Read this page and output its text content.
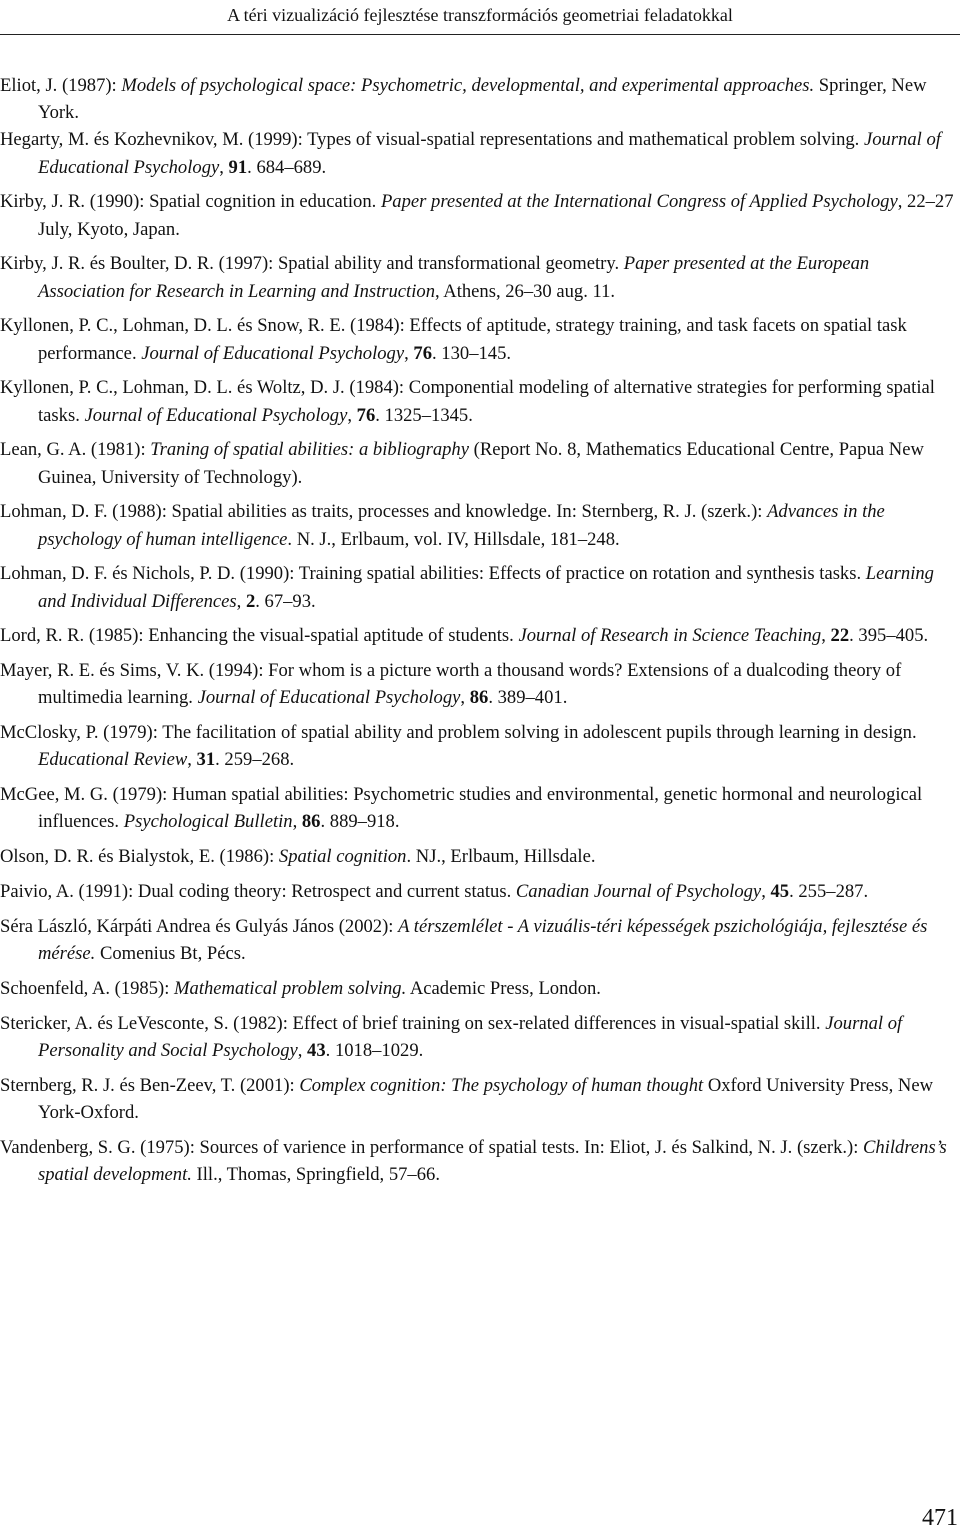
A téri vizualizáció fejlesztése transzformációs geometriai feladatokkal
Eliot, J. (1987): Models of psychological space: Psychometric, developmental, and experimental approaches. Springer, New York.
Hegarty, M. és Kozhevnikov, M. (1999): Types of visual-spatial representations and mathematical problem solving. Journal of Educational Psychology, 91. 684–689.
Kirby, J. R. (1990): Spatial cognition in education. Paper presented at the International Congress of Applied Psychology, 22–27 July, Kyoto, Japan.
Kirby, J. R. és Boulter, D. R. (1997): Spatial ability and transformational geometry. Paper presented at the European Association for Research in Learning and Instruction, Athens, 26–30 aug. 11.
Kyllonen, P. C., Lohman, D. L. és Snow, R. E. (1984): Effects of aptitude, strategy training, and task facets on spatial task performance. Journal of Educational Psychology, 76. 130–145.
Kyllonen, P. C., Lohman, D. L. és Woltz, D. J. (1984): Componential modeling of alternative strategies for performing spatial tasks. Journal of Educational Psychology, 76. 1325–1345.
Lean, G. A. (1981): Traning of spatial abilities: a bibliography (Report No. 8, Mathematics Educational Centre, Papua New Guinea, University of Technology).
Lohman, D. F. (1988): Spatial abilities as traits, processes and knowledge. In: Sternberg, R. J. (szerk.): Advances in the psychology of human intelligence. N. J., Erlbaum, vol. IV, Hillsdale, 181–248.
Lohman, D. F. és Nichols, P. D. (1990): Training spatial abilities: Effects of practice on rotation and synthesis tasks. Learning and Individual Differences, 2. 67–93.
Lord, R. R. (1985): Enhancing the visual-spatial aptitude of students. Journal of Research in Science Teaching, 22. 395–405.
Mayer, R. E. és Sims, V. K. (1994): For whom is a picture worth a thousand words? Extensions of a dualcoding theory of multimedia learning. Journal of Educational Psychology, 86. 389–401.
McClosky, P. (1979): The facilitation of spatial ability and problem solving in adolescent pupils through learning in design. Educational Review, 31. 259–268.
McGee, M. G. (1979): Human spatial abilities: Psychometric studies and environmental, genetic hormonal and neurological influences. Psychological Bulletin, 86. 889–918.
Olson, D. R. és Bialystok, E. (1986): Spatial cognition. NJ., Erlbaum, Hillsdale.
Paivio, A. (1991): Dual coding theory: Retrospect and current status. Canadian Journal of Psychology, 45. 255–287.
Séra László, Kárpáti Andrea és Gulyás János (2002): A térszemlélet - A vizuális-téri képességek pszichológiája, fejlesztése és mérése. Comenius Bt, Pécs.
Schoenfeld, A. (1985): Mathematical problem solving. Academic Press, London.
Stericker, A. és LeVesconte, S. (1982): Effect of brief training on sex-related differences in visual-spatial skill. Journal of Personality and Social Psychology, 43. 1018–1029.
Sternberg, R. J. és Ben-Zeev, T. (2001): Complex cognition: The psychology of human thought Oxford University Press, New York-Oxford.
Vandenberg, S. G. (1975): Sources of varience in performance of spatial tests. In: Eliot, J. és Salkind, N. J. (szerk.): Childrens’s spatial development. Ill., Thomas, Springfield, 57–66.
471
